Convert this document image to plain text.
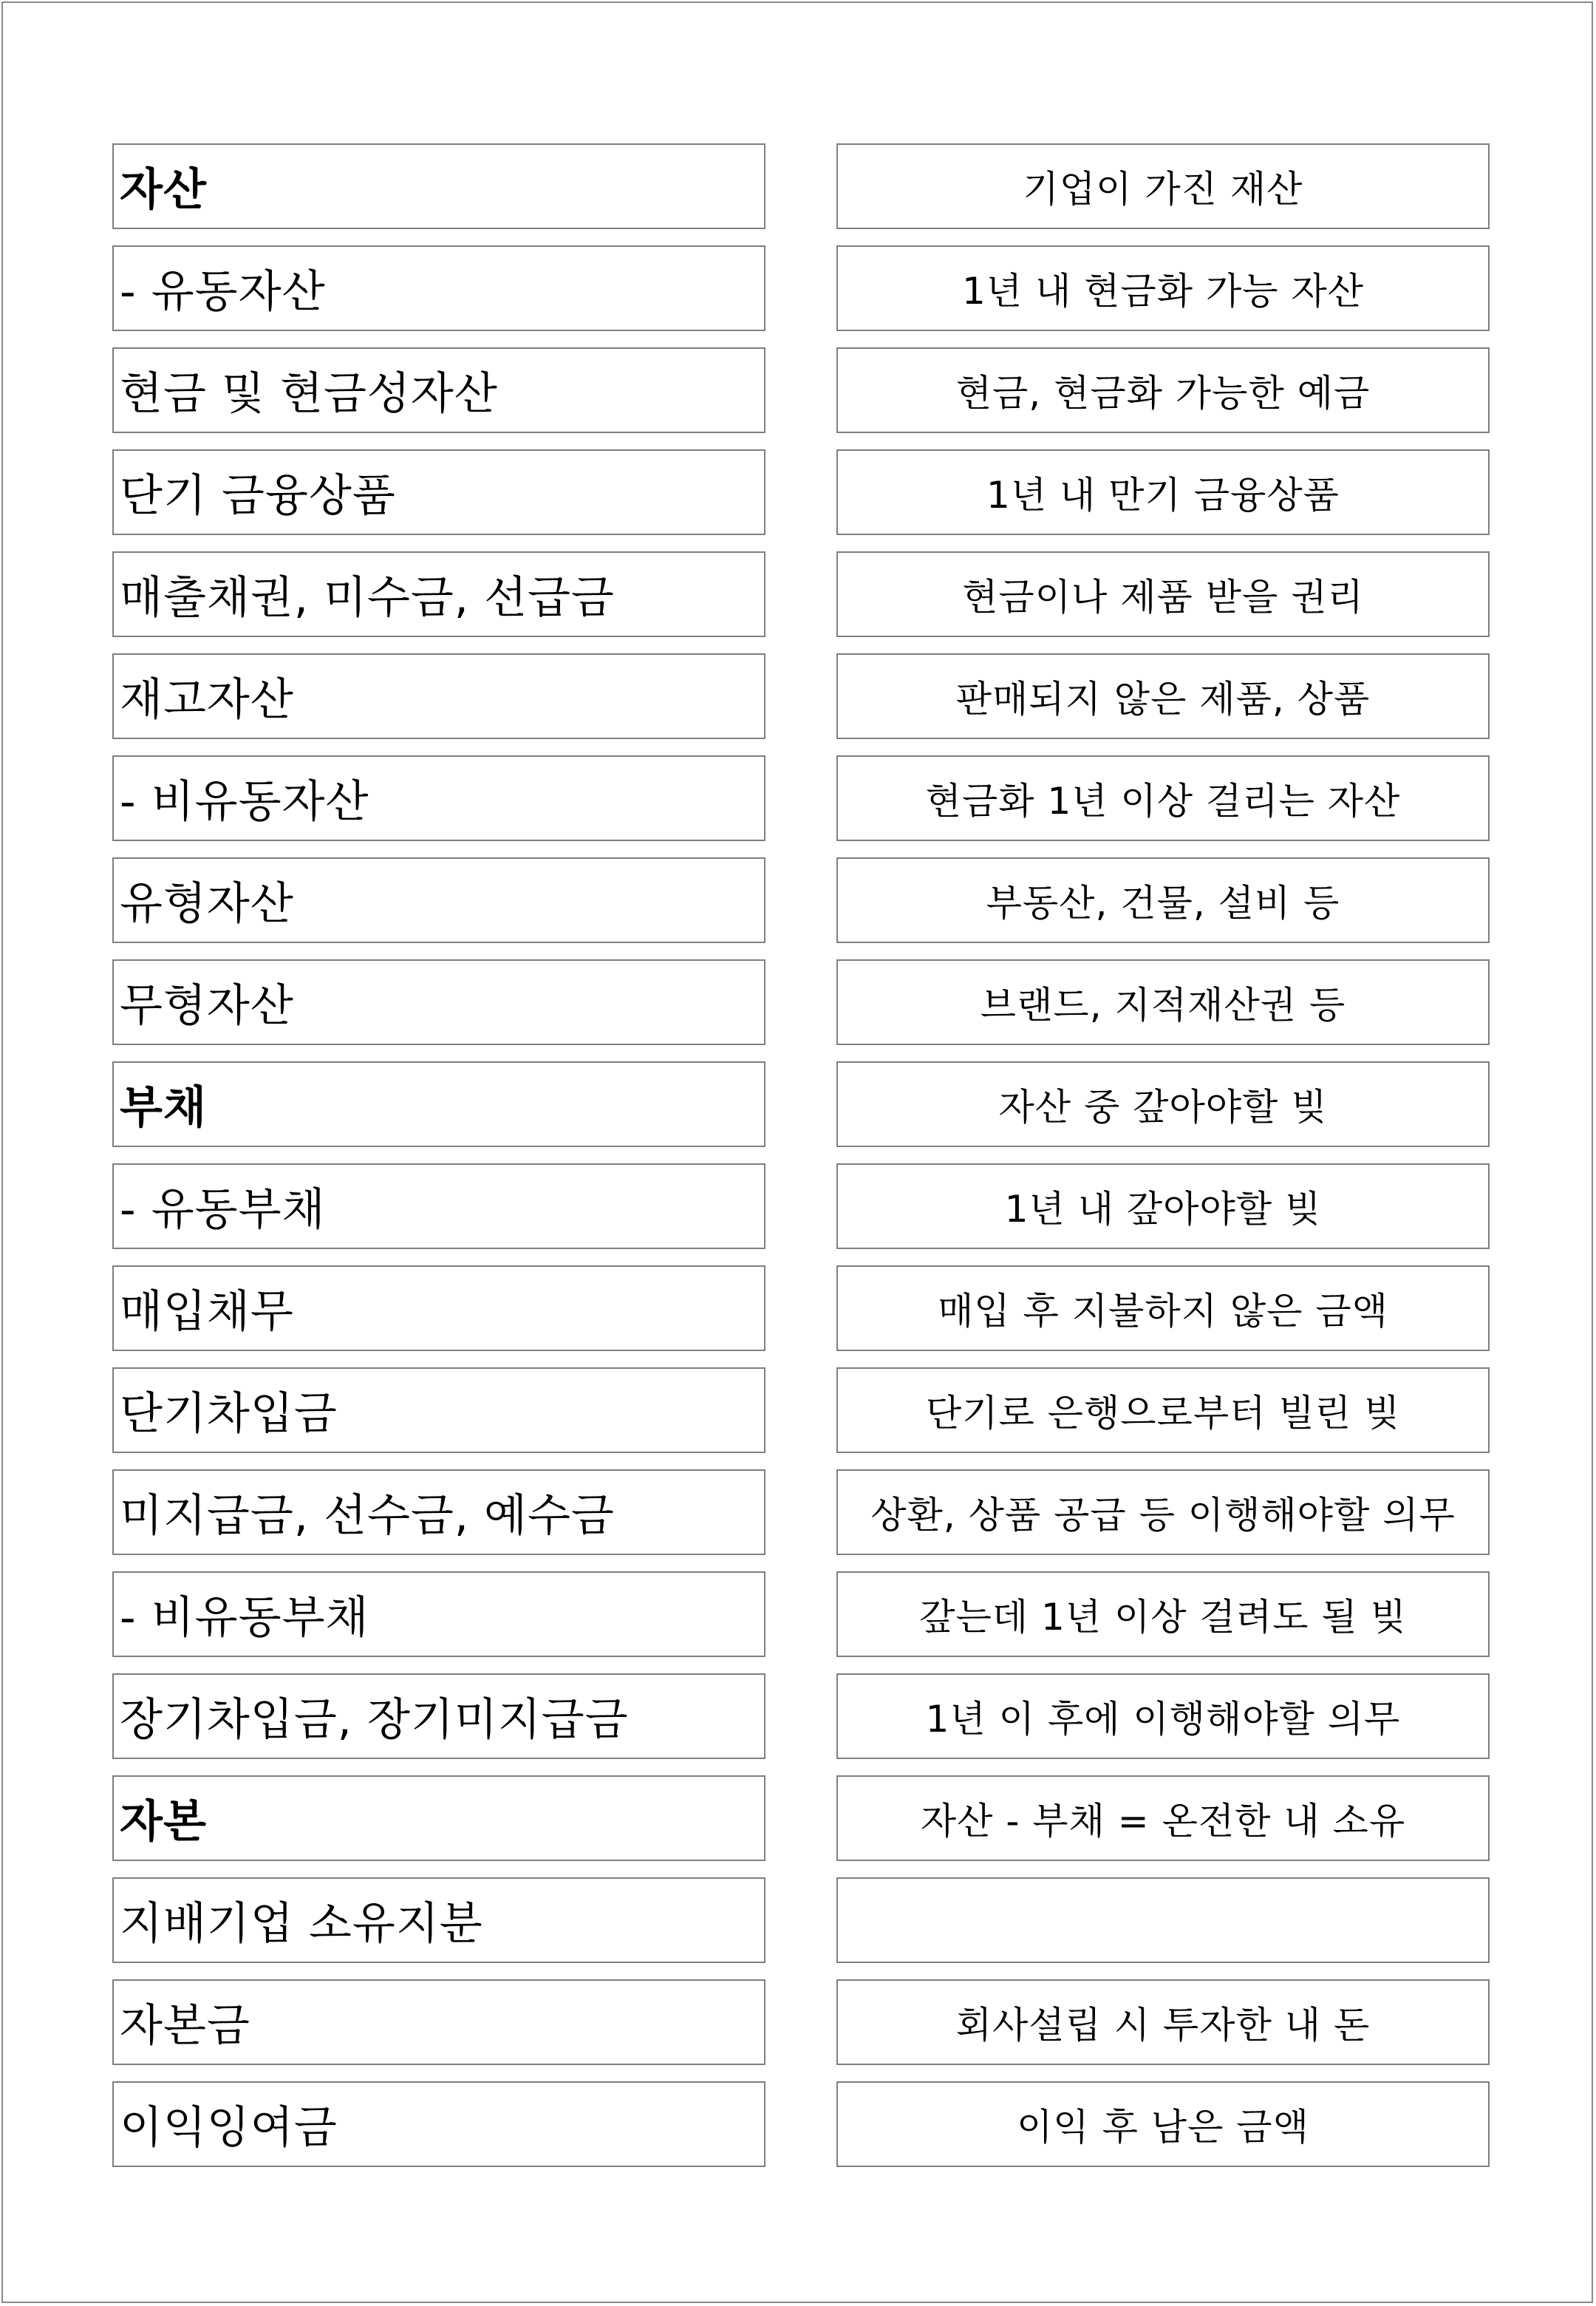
자산	기업이 가진 재산
- 유동자산	1년 내 현금화 가능 자산
현금 및 현금성자산	현금, 현금화 가능한 예금
단기 금융상품	1년 내 만기 금융상품
매출채권, 미수금, 선급금	현금이나 제품 받을 권리
재고자산	판매되지 않은 제품, 상품
- 비유동자산	현금화 1년 이상 걸리는 자산
유형자산	부동산, 건물, 설비 등
무형자산	브랜드, 지적재산권 등
부채	자산 중 갚아야할 빚
- 유동부채	1년 내 갚아야할 빚
매입채무	매입 후 지불하지 않은 금액
단기차입금	단기로 은행으로부터 빌린 빚
미지급금, 선수금, 예수금	상환, 상품 공급 등 이행해야할 의무
- 비유동부채	갚는데 1년 이상 걸려도 될 빚
장기차입금, 장기미지급금	1년 이 후에 이행해야할 의무
자본	자산 - 부채 = 온전한 내 소유
지배기업 소유지분
자본금	회사설립 시 투자한 내 돈
이익잉여금	이익 후 남은 금액
